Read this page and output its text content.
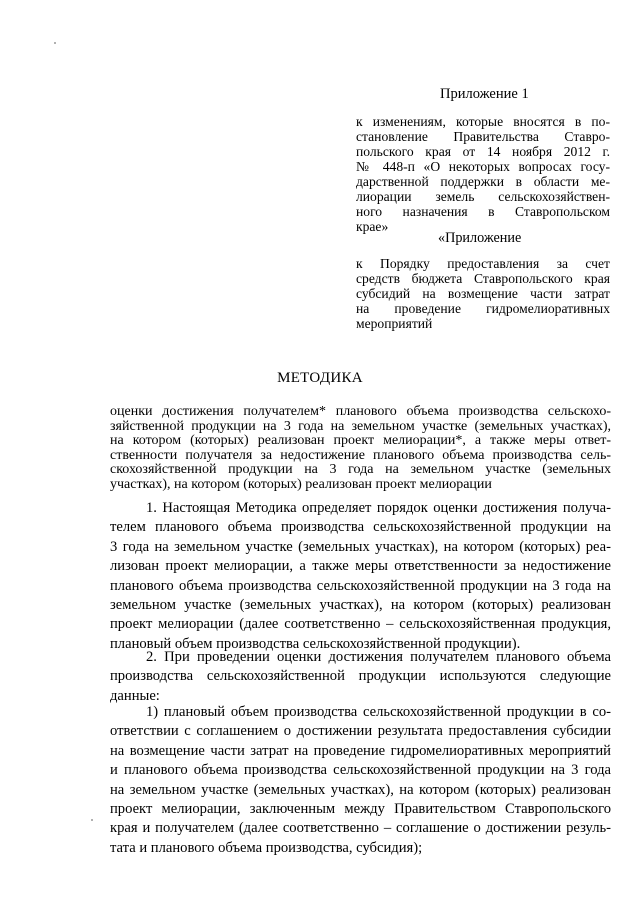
Приложение 1
к изменениям, которые вносятся в по-
становление Правительства Ставро-
польского края от 14 ноября 2012 г.
№ 448-п «О некоторых вопросах госу-
дарственной поддержки в области ме-
лиорации земель сельскохозяйствен-
ного назначения в Ставропольском
крае»
«Приложение
к Порядку предоставления за счет
средств бюджета Ставропольского края
субсидий на возмещение части затрат
на проведение гидромелиоративных
мероприятий
МЕТОДИКА
оценки достижения получателем* планового объема производства сельскохо-
зяйственной продукции на 3 года на земельном участке (земельных участках),
на котором (которых) реализован проект мелиорации*, а также меры ответ-
ственности получателя за недостижение планового объема производства сель-
скохозяйственной продукции на 3 года на земельном участке (земельных
участках), на котором (которых) реализован проект мелиорации
1. Настоящая Методика определяет порядок оценки достижения получа-
телем планового объема производства сельскохозяйственной продукции на
3 года на земельном участке (земельных участках), на котором (которых) реа-
лизован проект мелиорации, а также меры ответственности за недостижение
планового объема производства сельскохозяйственной продукции на 3 года на
земельном участке (земельных участках), на котором (которых) реализован
проект мелиорации (далее соответственно – сельскохозяйственная продукция,
плановый объем производства сельскохозяйственной продукции).
2. При проведении оценки достижения получателем планового объема
производства сельскохозяйственной продукции используются следующие
данные:
1) плановый объем производства сельскохозяйственной продукции в со-
ответствии с соглашением о достижении результата предоставления субсидии
на возмещение части затрат на проведение гидромелиоративных мероприятий
и планового объема производства сельскохозяйственной продукции на 3 года
на земельном участке (земельных участках), на котором (которых) реализован
проект мелиорации, заключенным между Правительством Ставропольского
края и получателем (далее соответственно – соглашение о достижении резуль-
тата и планового объема производства, субсидия);
